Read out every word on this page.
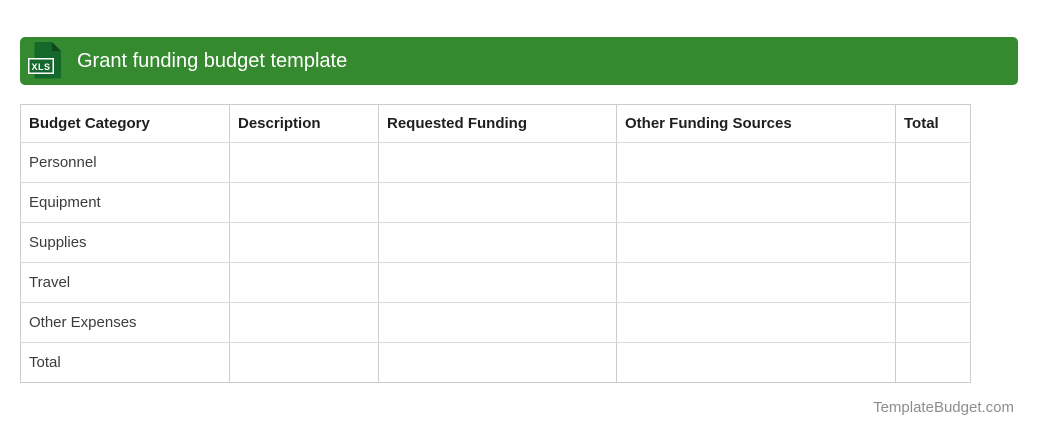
XLS Grant funding budget template
Budget Category	Description	Requested Funding	Other Funding Sources	Total
Personnel				
Equipment				
Supplies				
Travel				
Other Expenses				
Total				
TemplateBudget.com
